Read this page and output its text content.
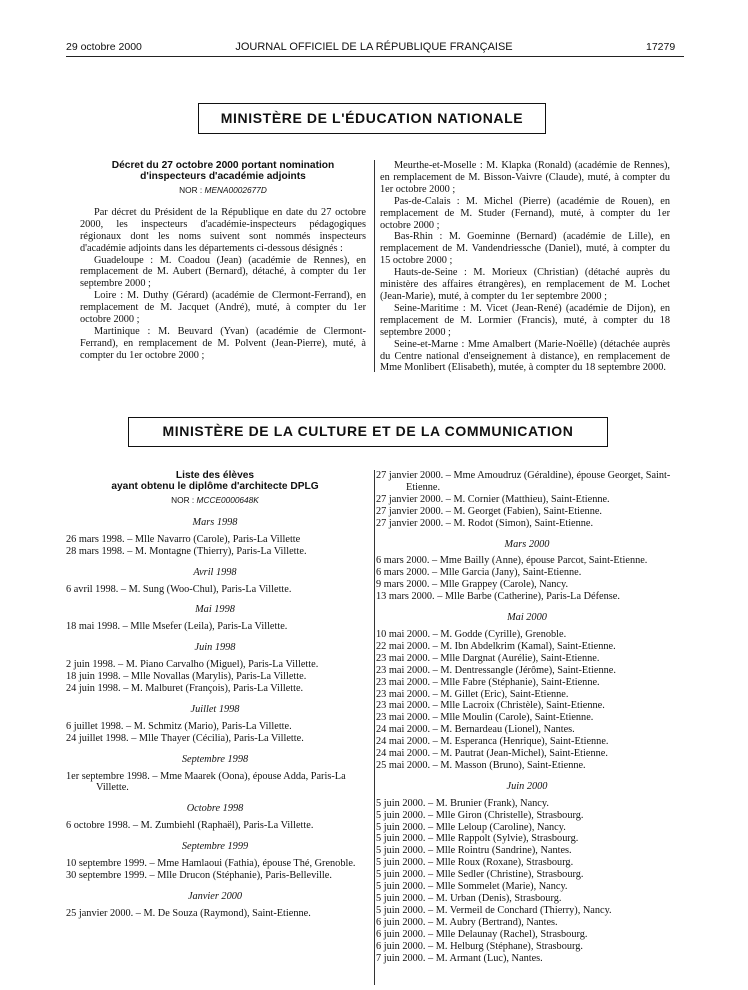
29 octobre 2000	JOURNAL OFFICIEL DE LA RÉPUBLIQUE FRANÇAISE	17279
MINISTÈRE DE L'ÉDUCATION NATIONALE
Décret du 27 octobre 2000 portant nomination
d'inspecteurs d'académie adjoints
NOR : MENA0002677D

Par décret du Président de la République en date du 27 octobre 2000, les inspecteurs d'académie-inspecteurs pédagogiques régionaux dont les noms suivent sont nommés inspecteurs d'académie adjoints dans les départements ci-dessous désignés :

Guadeloupe : M. Coadou (Jean) (académie de Rennes), en remplacement de M. Aubert (Bernard), détaché, à compter du 1er septembre 2000 ;

Loire : M. Duthy (Gérard) (académie de Clermont-Ferrand), en remplacement de M. Jacquet (André), muté, à compter du 1er octobre 2000 ;

Martinique : M. Beuvard (Yvan) (académie de Clermont-Ferrand), en remplacement de M. Polvent (Jean-Pierre), muté, à compter du 1er octobre 2000 ;

Meurthe-et-Moselle : M. Klapka (Ronald) (académie de Rennes), en remplacement de M. Bisson-Vaivre (Claude), muté, à compter du 1er octobre 2000 ;

Pas-de-Calais : M. Michel (Pierre) (académie de Rouen), en remplacement de M. Studer (Fernand), muté, à compter du 1er octobre 2000 ;

Bas-Rhin : M. Goeminne (Bernard) (académie de Lille), en remplacement de M. Vandendriessche (Daniel), muté, à compter du 15 octobre 2000 ;

Hauts-de-Seine : M. Morieux (Christian) (détaché auprès du ministère des affaires étrangères), en remplacement de M. Lochet (Jean-Marie), muté, à compter du 1er septembre 2000 ;

Seine-Maritime : M. Vicet (Jean-René) (académie de Dijon), en remplacement de M. Lormier (Francis), muté, à compter du 18 septembre 2000 ;

Seine-et-Marne : Mme Amalbert (Marie-Noëlle) (détachée auprès du Centre national d'enseignement à distance), en remplacement de Mme Monlibert (Elisabeth), mutée, à compter du 18 septembre 2000.

MINISTÈRE DE LA CULTURE ET DE LA COMMUNICATION
Liste des élèves
ayant obtenu le diplôme d'architecte DPLG
NOR : MCCE0000648K

Mars 1998

26 mars 1998. – Mlle Navarro (Carole), Paris-La Villette

28 mars 1998. – M. Montagne (Thierry), Paris-La Villette.

Avril 1998

6 avril 1998. – M. Sung (Woo-Chul), Paris-La Villette.

Mai 1998

18 mai 1998. – Mlle Msefer (Leila), Paris-La Villette.

Juin 1998

2 juin 1998. – M. Piano Carvalho (Miguel), Paris-La Villette.

18 juin 1998. – Mlle Novallas (Marylis), Paris-La Villette.

24 juin 1998. – M. Malburet (François), Paris-La Villette.

Juillet 1998

6 juillet 1998. – M. Schmitz (Mario), Paris-La Villette.

24 juillet 1998. – Mlle Thayer (Cécilia), Paris-La Villette.

Septembre 1998

1er septembre 1998. – Mme Maarek (Oona), épouse Adda, Paris-La Villette.

Octobre 1998

6 octobre 1998. – M. Zumbiehl (Raphaël), Paris-La Villette.

Septembre 1999

10 septembre 1999. – Mme Hamlaoui (Fathia), épouse Thé, Grenoble.

30 septembre 1999. – Mlle Drucon (Stéphanie), Paris-Belleville.

Janvier 2000

25 janvier 2000. – M. De Souza (Raymond), Saint-Etienne.

27 janvier 2000. – Mme Amoudruz (Géraldine), épouse Georget, Saint-Etienne.

27 janvier 2000. – M. Cornier (Matthieu), Saint-Etienne.

27 janvier 2000. – M. Georget (Fabien), Saint-Etienne.

27 janvier 2000. – M. Rodot (Simon), Saint-Etienne.

Mars 2000

6 mars 2000. – Mme Bailly (Anne), épouse Parcot, Saint-Etienne.

6 mars 2000. – Mlle Garcia (Jany), Saint-Etienne.

9 mars 2000. – Mlle Grappey (Carole), Nancy.

13 mars 2000. – Mlle Barbe (Catherine), Paris-La Défense.

Mai 2000

10 mai 2000. – M. Godde (Cyrille), Grenoble.

22 mai 2000. – M. Ibn Abdelkrim (Kamal), Saint-Etienne.

23 mai 2000. – Mlle Dargnat (Aurélie), Saint-Etienne.

23 mai 2000. – M. Dentressangle (Jérôme), Saint-Etienne.

23 mai 2000. – Mlle Fabre (Stéphanie), Saint-Etienne.

23 mai 2000. – M. Gillet (Eric), Saint-Etienne.

23 mai 2000. – Mlle Lacroix (Christèle), Saint-Etienne.

23 mai 2000. – Mlle Moulin (Carole), Saint-Etienne.

24 mai 2000. – M. Bernardeau (Lionel), Nantes.

24 mai 2000. – M. Esperanca (Henrique), Saint-Etienne.

24 mai 2000. – M. Pautrat (Jean-Michel), Saint-Etienne.

25 mai 2000. – M. Masson (Bruno), Saint-Etienne.

Juin 2000

5 juin 2000. – M. Brunier (Frank), Nancy.

5 juin 2000. – Mlle Giron (Christelle), Strasbourg.

5 juin 2000. – Mlle Leloup (Caroline), Nancy.

5 juin 2000. – Mlle Rappolt (Sylvie), Strasbourg.

5 juin 2000. – Mlle Rointru (Sandrine), Nantes.

5 juin 2000. – Mlle Roux (Roxane), Strasbourg.

5 juin 2000. – Mlle Sedler (Christine), Strasbourg.

5 juin 2000. – Mlle Sommelet (Marie), Nancy.

5 juin 2000. – M. Urban (Denis), Strasbourg.

5 juin 2000. – M. Vermeil de Conchard (Thierry), Nancy.

6 juin 2000. – M. Aubry (Bertrand), Nantes.

6 juin 2000. – Mlle Delaunay (Rachel), Strasbourg.

6 juin 2000. – M. Helburg (Stéphane), Strasbourg.

7 juin 2000. – M. Armant (Luc), Nantes.
